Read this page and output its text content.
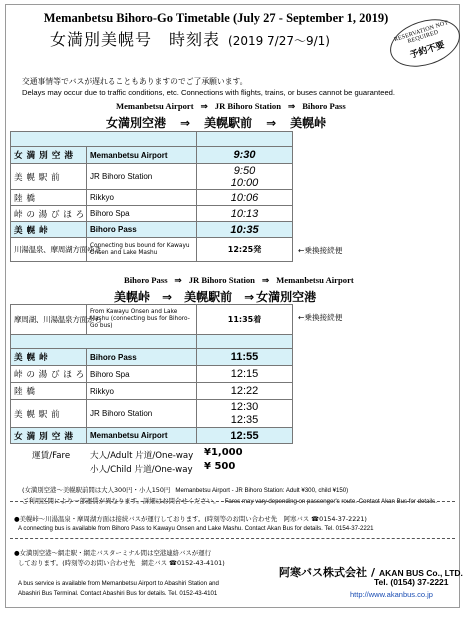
Memanbetsu Bihoro-Go Timetable (July 27 - September 1, 2019)
女満別美幌号　時刻表 (2019 7/27～9/1)	RESERVATION NOT REQUIRED
予約不要
交通事情等でバスが遅れることもありますのでご了承願います。
Delays may occur due to traffic conditions, etc. Connections with flights, trains, or buses cannot be guaranteed.
Memanbetsu Airport ⇒ JR Bihoro Station ⇒ Bihoro Pass
女満別空港 ⇒ 美幌駅前 ⇒ 美幌峠

女 満 別 空 港	Memanbetsu Airport	9:30
美 幌 駅 前	JR Bihoro Station	9:50
10:00

陸 橋	Rikkyo	10:06
峠 の 湯 び ほ ろ	Bihoro Spa	10:13
美 幌 峠	Bihoro Pass	10:35
川湯温泉、摩周湖方面ゆき	Connecting bus bound for Kawayu Onsen and Lake Mashu	12:25発	←乗換接続便
Bihoro Pass ⇒ JR Bihoro Station ⇒ Memanbetsu Airport
美幌峠 ⇒ 美幌駅前 ⇒ 女満別空港
摩周湖、川湯温泉方面から	From Kawayu Onsen and Lake Mashu (connecting bus for Bihoro-Go bus)	11:35着

美 幌 峠	Bihoro Pass	11:55
峠 の 湯 び ほ ろ	Bihoro Spa	12:15
陸 橋	Rikkyo	12:22
美 幌 駅 前	JR Bihoro Station	12:30
12:35

女 満 別 空 港	Memanbetsu Airport	12:55
←乗換接続便
運賃/Fare 大人/Adult 片道/One-way ¥1,000
小人/Child 片道/One-way ¥ 500
(女満別空港～美幌駅前間は大人300円・小人150円 Memanbetsu Airport - JR Bihoro Station: Adult ¥300, child ¥150)
ご利用区間により一部運賃が異なります。詳細はお問合せください。 Fares may vary depending on passenger's route. Contact Akan Bus for details.
●美幌峠～川湯温泉・摩周湖方面は接続バスが運行しております。(時刻等のお問い合わせ先　阿寒バス ☎0154-37-2221)
A connecting bus is available from Bihoro Pass to Kawayu Onsen and Lake Mashu. Contact Akan Bus for details. Tel. 0154-37-2221
●女満別空港～網走駅・網走バスターミナル間は空港連絡バスが運行
しております。(時刻等のお問い合わせ先　網走バス ☎0152-43-4101)
A bus service is available from Memanbetsu Airport to Abashiri Station and
Abashiri Bus Terminal. Contact Abashiri Bus for details. Tel. 0152-43-4101
阿寒バス株式会社 / AKAN BUS Co., LTD.
Tel. (0154) 37-2221
http://www.akanbus.co.jp
